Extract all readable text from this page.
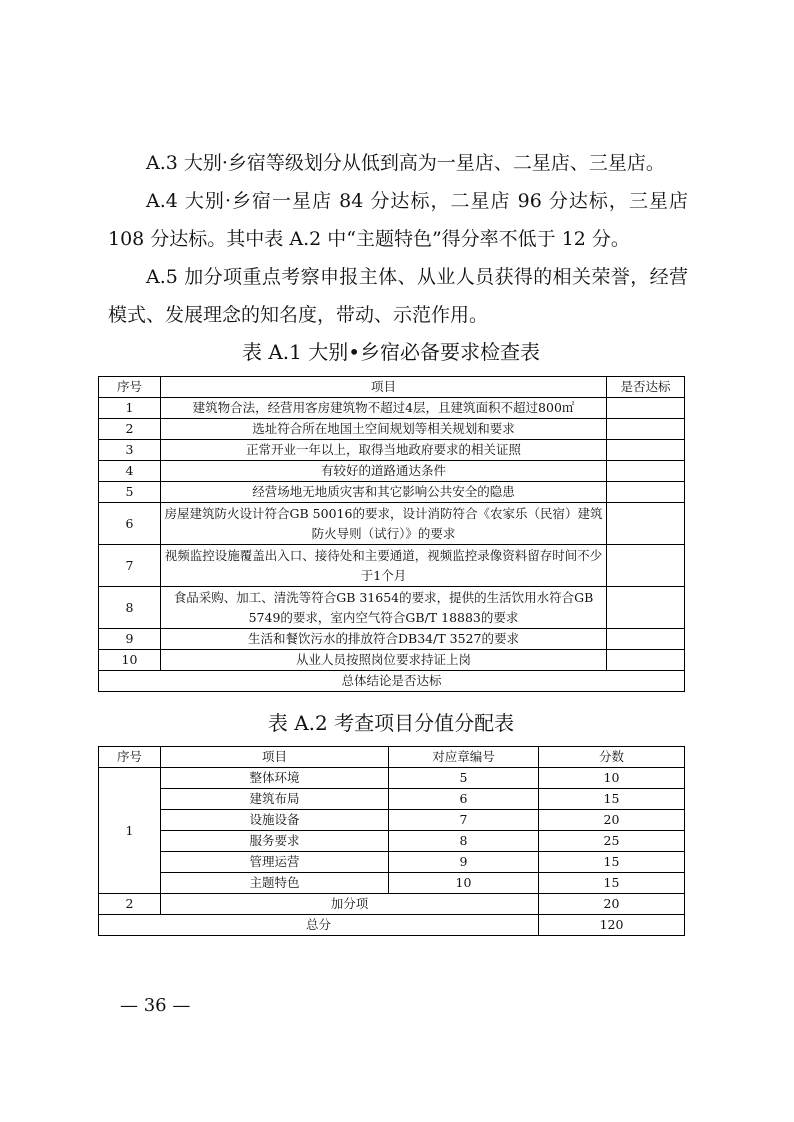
A.3 大别·乡宿等级划分从低到高为一星店、二星店、三星店。

A.4 大别·乡宿一星店 84 分达标，二星店 96 分达标，三星店 108 分达标。其中表 A.2 中“主题特色”得分率不低于 12 分。

A.5 加分项重点考察申报主体、从业人员获得的相关荣誉，经营模式、发展理念的知名度，带动、示范作用。

表 A.1 大别•乡宿必备要求检查表

序号	项目	是否达标
1	建筑物合法，经营用客房建筑物不超过4层，且建筑面积不超过800㎡	
2	选址符合所在地国土空间规划等相关规划和要求	
3	正常开业一年以上，取得当地政府要求的相关证照	
4	有较好的道路通达条件	
5	经营场地无地质灾害和其它影响公共安全的隐患	
6	房屋建筑防火设计符合GB 50016的要求，设计消防符合《农家乐（民宿）建筑防火导则（试行）》的要求	
7	视频监控设施覆盖出入口、接待处和主要通道，视频监控录像资料留存时间不少于1个月	
8	食品采购、加工、清洗等符合GB 31654的要求，提供的生活饮用水符合GB 5749的要求，室内空气符合GB/T 18883的要求	
9	生活和餐饮污水的排放符合DB34/T 3527的要求	
10	从业人员按照岗位要求持证上岗	
总体结论是否达标		

表 A.2 考查项目分值分配表

序号	项目	对应章编号	分数
1	整体环境	5	10
	建筑布局	6	15
	设施设备	7	20
	服务要求	8	25
	管理运营	9	15
	主题特色	10	15
2	加分项		20
总分			120

— 36 —
